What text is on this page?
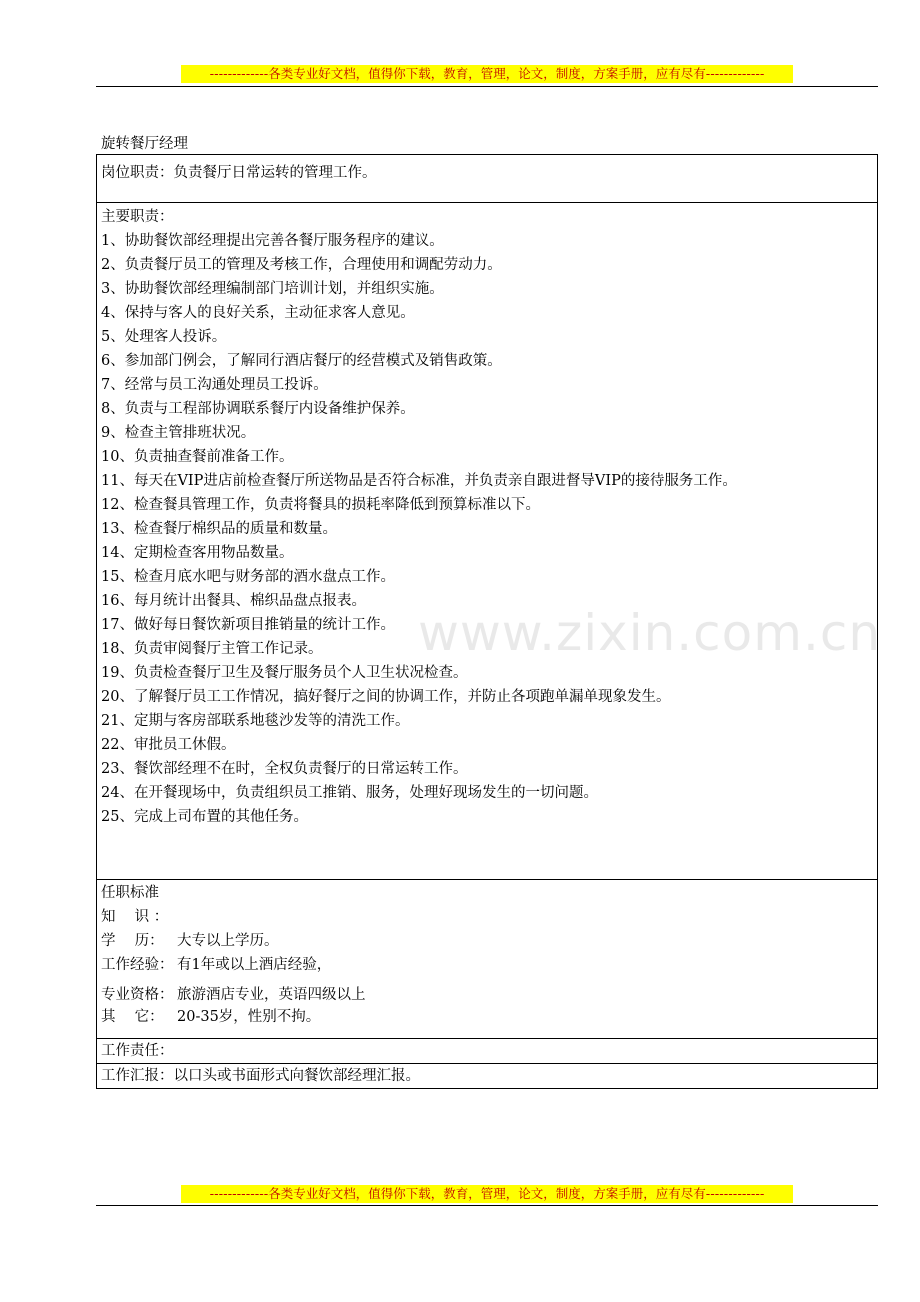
-------------各类专业好文档，值得你下载，教育，管理，论文，制度，方案手册，应有尽有-------------
旋转餐厅经理
岗位职责：负责餐厅日常运转的管理工作。

主要职责：
1、协助餐饮部经理提出完善各餐厅服务程序的建议。
2、负责餐厅员工的管理及考核工作，合理使用和调配劳动力。
3、协助餐饮部经理编制部门培训计划，并组织实施。
4、保持与客人的良好关系，主动征求客人意见。
5、处理客人投诉。
6、参加部门例会，了解同行酒店餐厅的经营模式及销售政策。
7、经常与员工沟通处理员工投诉。
8、负责与工程部协调联系餐厅内设备维护保养。
9、检查主管排班状况。
10、负责抽查餐前准备工作。
11、每天在VIP进店前检查餐厅所送物品是否符合标准，并负责亲自跟进督导VIP的接待服务工作。
12、检查餐具管理工作，负责将餐具的损耗率降低到预算标准以下。
13、检查餐厅棉织品的质量和数量。
14、定期检查客用物品数量。
15、检查月底水吧与财务部的酒水盘点工作。
16、每月统计出餐具、棉织品盘点报表。
17、做好每日餐饮新项目推销量的统计工作。
18、负责审阅餐厅主管工作记录。
19、负责检查餐厅卫生及餐厅服务员个人卫生状况检查。
20、了解餐厅员工工作情况，搞好餐厅之间的协调工作，并防止各项跑单漏单现象发生。
21、定期与客房部联系地毯沙发等的清洗工作。
22、审批员工休假。
23、餐饮部经理不在时，全权负责餐厅的日常运转工作。
24、在开餐现场中，负责组织员工推销、服务，处理好现场发生的一切问题。
25、完成上司布置的其他任务。

任职标准
知　 识 ：
学　 历： 大专以上学历。
工作经验： 有1年或以上酒店经验，
专业资格： 旅游酒店专业，英语四级以上
其　 它： 20-35岁，性别不拘。

工作责任：

工作汇报：以口头或书面形式向餐饮部经理汇报。
www.zixin.com.cn
-------------各类专业好文档，值得你下载，教育，管理，论文，制度，方案手册，应有尽有-------------
